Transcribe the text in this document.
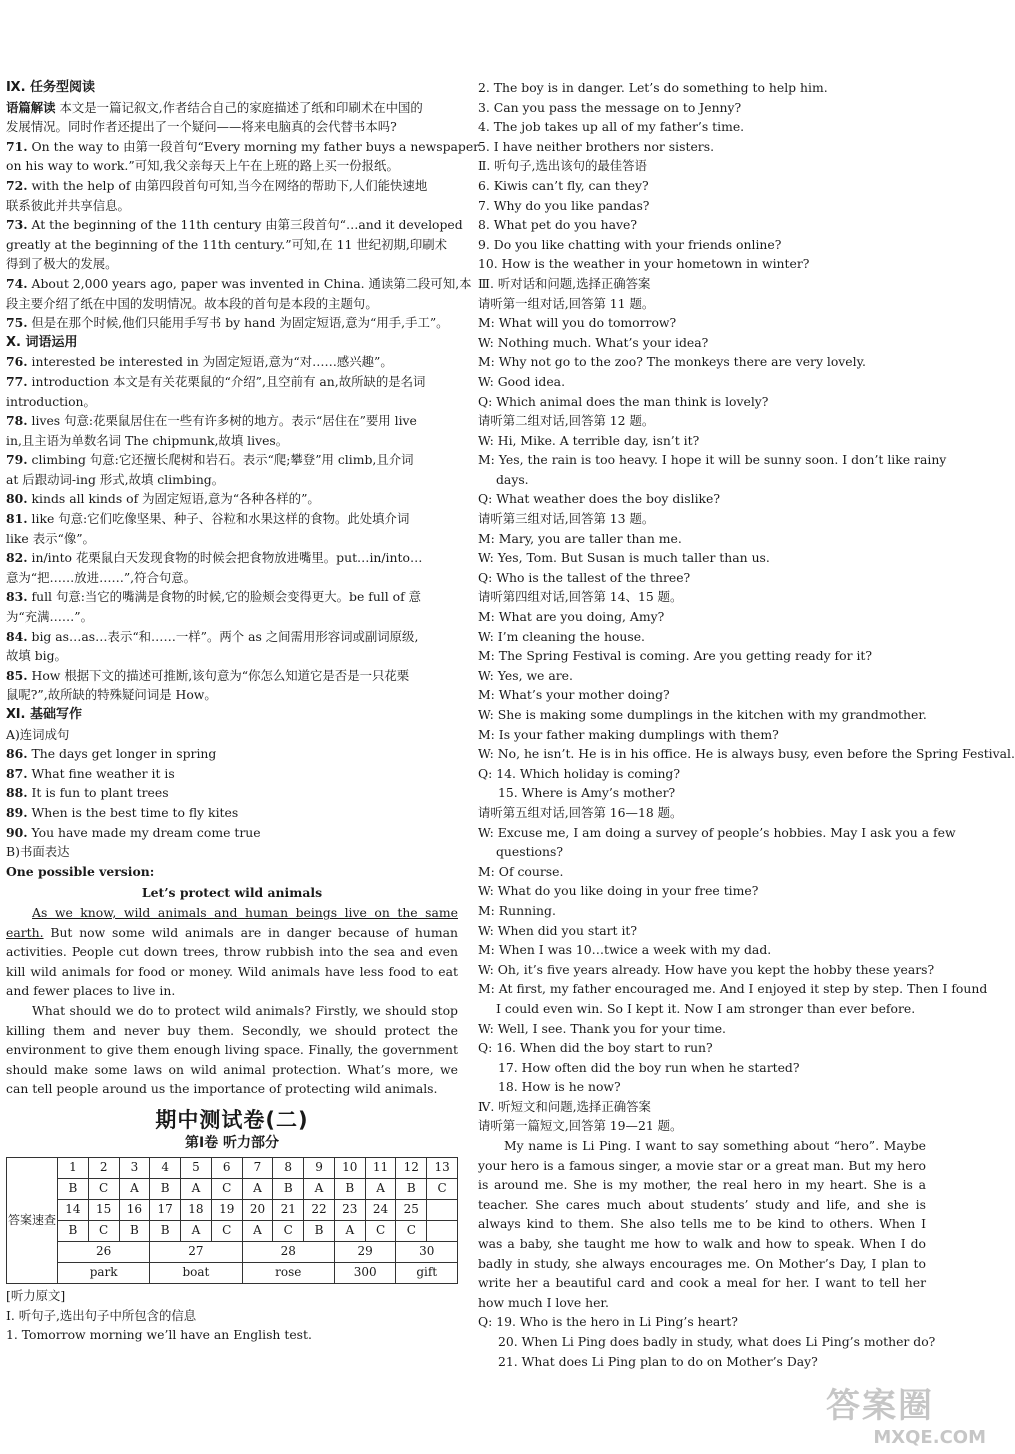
Ⅸ. 任务型阅读
语篇解读 本文是一篇记叙文,作者结合自己的家庭描述了纸和印刷术在中国的
发展情况。同时作者还提出了一个疑问——将来电脑真的会代替书本吗?
71. On the way to 由第一段首句“Every morning my father buys a newspaper
on his way to work.”可知,我父亲每天上午在上班的路上买一份报纸。
72. with the help of 由第四段首句可知,当今在网络的帮助下,人们能快速地
联系彼此并共享信息。
73. At the beginning of the 11th century 由第三段首句“…and it developed
greatly at the beginning of the 11th century.”可知,在 11 世纪初期,印刷术
得到了极大的发展。
74. About 2,000 years ago, paper was invented in China. 通读第二段可知,本
段主要介绍了纸在中国的发明情况。故本段的首句是本段的主题句。
75. 但是在那个时候,他们只能用手写书 by hand 为固定短语,意为“用手,手工”。
Ⅹ. 词语运用
76. interested be interested in 为固定短语,意为“对……感兴趣”。
77. introduction 本文是有关花栗鼠的“介绍”,且空前有 an,故所缺的是名词
introduction。
78. lives 句意:花栗鼠居住在一些有许多树的地方。表示“居住在”要用 live
in,且主语为单数名词 The chipmunk,故填 lives。
79. climbing 句意:它还擅长爬树和岩石。表示“爬;攀登”用 climb,且介词
at 后跟动词-ing 形式,故填 climbing。
80. kinds all kinds of 为固定短语,意为“各种各样的”。
81. like 句意:它们吃像坚果、种子、谷粒和水果这样的食物。此处填介词
like 表示“像”。
82. in/into 花栗鼠白天发现食物的时候会把食物放进嘴里。put…in/into…
意为“把……放进……”,符合句意。
83. full 句意:当它的嘴满是食物的时候,它的脸颊会变得更大。be full of 意
为“充满……”。
84. big as…as…表示“和……一样”。两个 as 之间需用形容词或副词原级,
故填 big。
85. How 根据下文的描述可推断,该句意为“你怎么知道它是否是一只花栗
鼠呢?”,故所缺的特殊疑问词是 How。
Ⅺ. 基础写作
A)连词成句
86. The days get longer in spring
87. What fine weather it is
88. It is fun to plant trees
89. When is the best time to fly kites
90. You have made my dream come true
B)书面表达
One possible version:
Let’s protect wild animals
As we know, wild animals and human beings live on the same earth. But now some wild animals are in danger because of human activities. People cut down trees, throw rubbish into the sea and even kill wild animals for food or money. Wild animals have less food to eat and fewer places to live in.
What should we do to protect wild animals? Firstly, we should stop killing them and never buy them. Secondly, we should protect the environment to give them enough living space. Finally, the government should make some laws on wild animal protection. What’s more, we can tell people around us the importance of protecting wild animals.
期中测试卷(二)
第Ⅰ卷 听力部分
答案速查	1	2	3	4	5	6	7	8	9	10	11	12	13
	B	C	A	B	A	C	A	B	A	B	A	B	C
	14	15	16	17	18	19	20	21	22	23	24	25	
	B	C	B	B	A	C	A	C	B	A	C	C	
	26			27			28			29		30	
	park			boat			rose			300		gift	
[听力原文]
Ⅰ. 听句子,选出句子中所包含的信息
1. Tomorrow morning we’ll have an English test.
2. The boy is in danger. Let’s do something to help him.
3. Can you pass the message on to Jenny?
4. The job takes up all of my father’s time.
5. I have neither brothers nor sisters.
Ⅱ. 听句子,选出该句的最佳答语
6. Kiwis can’t fly, can they?
7. Why do you like pandas?
8. What pet do you have?
9. Do you like chatting with your friends online?
10. How is the weather in your hometown in winter?
Ⅲ. 听对话和问题,选择正确答案
请听第一组对话,回答第 11 题。
M: What will you do tomorrow?
W: Nothing much. What’s your idea?
M: Why not go to the zoo? The monkeys there are very lovely.
W: Good idea.
Q: Which animal does the man think is lovely?
请听第二组对话,回答第 12 题。
W: Hi, Mike. A terrible day, isn’t it?
M: Yes, the rain is too heavy. I hope it will be sunny soon. I don’t like rainy
days.
Q: What weather does the boy dislike?
请听第三组对话,回答第 13 题。
M: Mary, you are taller than me.
W: Yes, Tom. But Susan is much taller than us.
Q: Who is the tallest of the three?
请听第四组对话,回答第 14、15 题。
M: What are you doing, Amy?
W: I’m cleaning the house.
M: The Spring Festival is coming. Are you getting ready for it?
W: Yes, we are.
M: What’s your mother doing?
W: She is making some dumplings in the kitchen with my grandmother.
M: Is your father making dumplings with them?
W: No, he isn’t. He is in his office. He is always busy, even before the Spring Festival.
Q: 14. Which holiday is coming?
15. Where is Amy’s mother?
请听第五组对话,回答第 16—18 题。
W: Excuse me, I am doing a survey of people’s hobbies. May I ask you a few
questions?
M: Of course.
W: What do you like doing in your free time?
M: Running.
W: When did you start it?
M: When I was 10…twice a week with my dad.
W: Oh, it’s five years already. How have you kept the hobby these years?
M: At first, my father encouraged me. And I enjoyed it step by step. Then I found
I could even win. So I kept it. Now I am stronger than ever before.
W: Well, I see. Thank you for your time.
Q: 16. When did the boy start to run?
17. How often did the boy run when he started?
18. How is he now?
Ⅳ. 听短文和问题,选择正确答案
请听第一篇短文,回答第 19—21 题。
My name is Li Ping. I want to say something about “hero”. Maybe your hero is a famous singer, a movie star or a great man. But my hero is around me. She is my mother, the real hero in my heart. She is a teacher. She cares much about students’ study and life, and she is always kind to them. She also tells me to be kind to others. When I was a baby, she taught me how to walk and how to speak. When I do badly in study, she always encourages me. On Mother’s Day, I plan to write her a beautiful card and cook a meal for her. I want to tell her how much I love her.
Q: 19. Who is the hero in Li Ping’s heart?
20. When Li Ping does badly in study, what does Li Ping’s mother do?
21. What does Li Ping plan to do on Mother’s Day?
答案圈
MXQE.COM
